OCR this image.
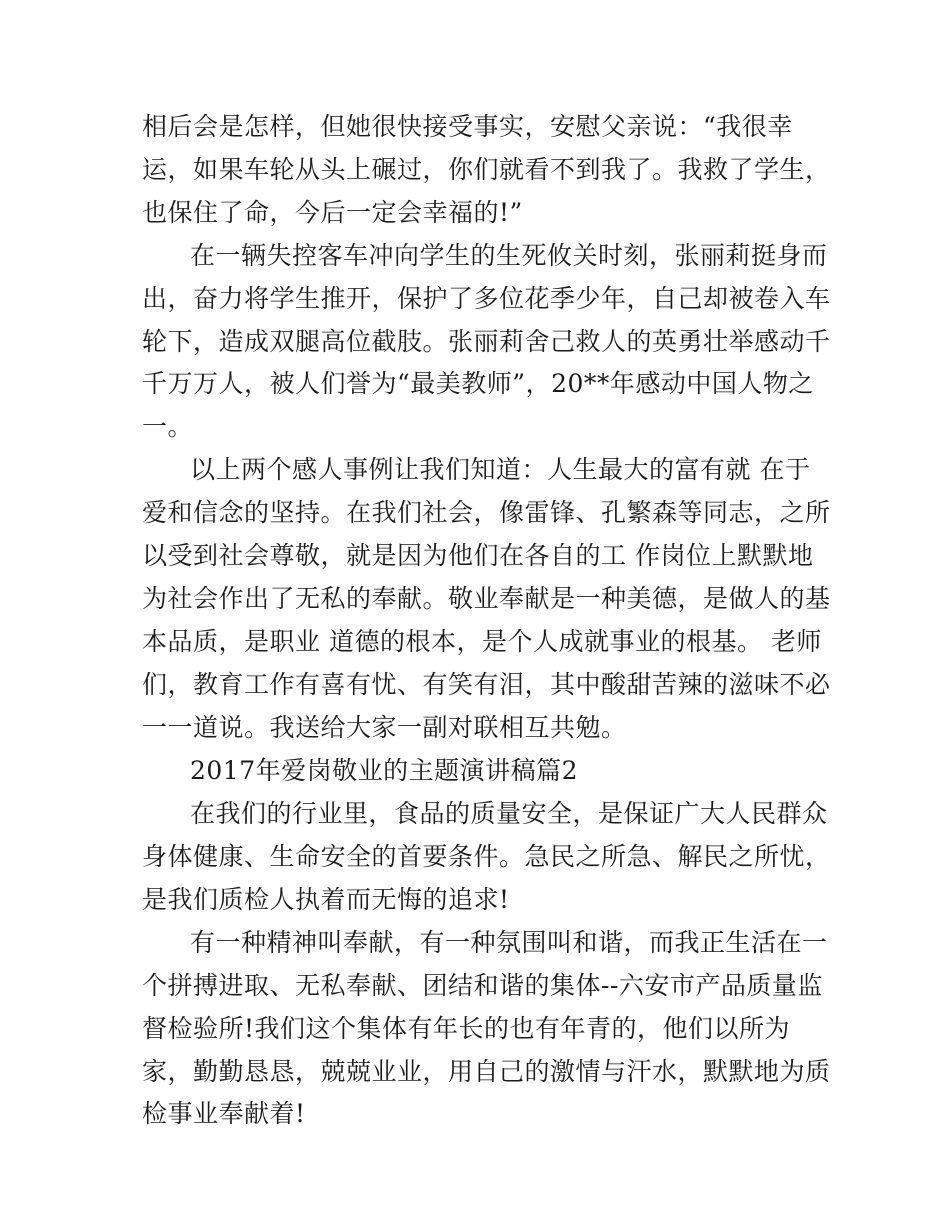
相后会是怎样，但她很快接受事实，安慰父亲说：“我很幸
运，如果车轮从头上碾过，你们就看不到我了。我救了学生，
也保住了命，今后一定会幸福的!”
在一辆失控客车冲向学生的生死攸关时刻，张丽莉挺身而
出，奋力将学生推开，保护了多位花季少年，自己却被卷入车
轮下，造成双腿高位截肢。张丽莉舍己救人的英勇壮举感动千
千万万人，被人们誉为“最美教师”，20**年感动中国人物之
一。
以上两个感人事例让我们知道：人生最大的富有就 在于
爱和信念的坚持。在我们社会，像雷锋、孔繁森等同志，之所
以受到社会尊敬，就是因为他们在各自的工 作岗位上默默地
为社会作出了无私的奉献。敬业奉献是一种美德，是做人的基
本品质，是职业 道德的根本，是个人成就事业的根基。 老师
们，教育工作有喜有忧、有笑有泪，其中酸甜苦辣的滋味不必
一一道说。我送给大家一副对联相互共勉。
2017年爱岗敬业的主题演讲稿篇2
在我们的行业里，食品的质量安全，是保证广大人民群众
身体健康、生命安全的首要条件。急民之所急、解民之所忧，
是我们质检人执着而无悔的追求!
有一种精神叫奉献，有一种氛围叫和谐，而我正生活在一
个拼搏进取、无私奉献、团结和谐的集体--六安市产品质量监
督检验所!我们这个集体有年长的也有年青的，他们以所为
家，勤勤恳恳，兢兢业业，用自己的激情与汗水，默默地为质
检事业奉献着!
